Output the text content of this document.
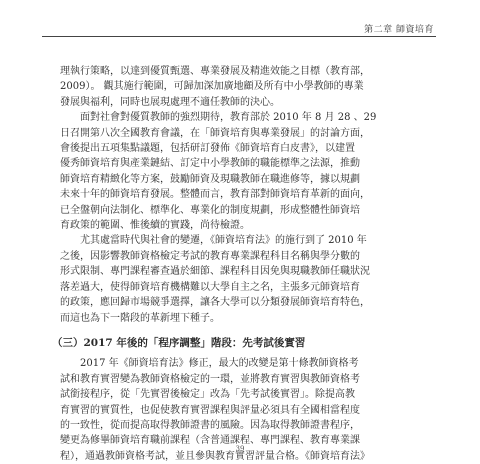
第二章 師資培育

理執行策略，以達到優質甄選、專業發展及精進效能之目標（教育部，
2009）。 觀其施行範圍，可歸加深加廣地顧及所有中小學教師的專業
發展與福利，同時也展現處理不適任教師的決心。

面對社會對優質教師的強烈期待，教育部於 2010 年 8 月 28 、29
日召開第八次全國教育會議，在「師資培育與專業發展」的討論方面，
會後提出五項集點議題，包括研訂發佈《師資培育白皮書》，以建置
優秀師資培育與產業鏈結、訂定中小學教師的職能標準之法源，推動
師資培育精緻化等方案，鼓勵師資及現職教師在職進修等，據以規劃
未來十年的師資培育發展。整體而言，教育部對師資培育革新的面向，
已全盤朝向法制化、標準化、專業化的制度規劃，形成整體性師資培
育政策的範圍、惟後續的實踐，尚待檢證。

尤其處當時代與社會的變遷，《師資培育法》的施行到了 2010 年
之後，因影響教師資格檢定考試的教育專業課程科目名稱與學分數的
形式限制、專門課程審查過於細節、課程科目因免與現職教師任職狀況
落差過大，使得師資培育機構難以大學自主之名，主張多元師資培育
的政策，應回歸市場競爭選擇，讓各大學可以分類發展師資培育特色，
而這也為下一階段的革新埋下種子。

（三）2017 年後的「程序調整」階段：先考試後實習

2017 年《師資培育法》修正，最大的改變是第十條教師資格考
試和教育實習變為教師資格檢定的一環，並將教育實習與教師資格考
試銜接程序，從「先實習後檢定」改為「先考試後實習」。除提高教
育實習的實質性，也促使教育實習課程與評量必須具有全國相當程度
的一致性，從而提高取得教師證書的風險。因為取得教師證書程序，
變更為修畢師資培育職前課程（含普通課程、專門課程、教育專業課
程），通過教師資格考試，並且參與教育實習評量合格。《師資培育法》

39
